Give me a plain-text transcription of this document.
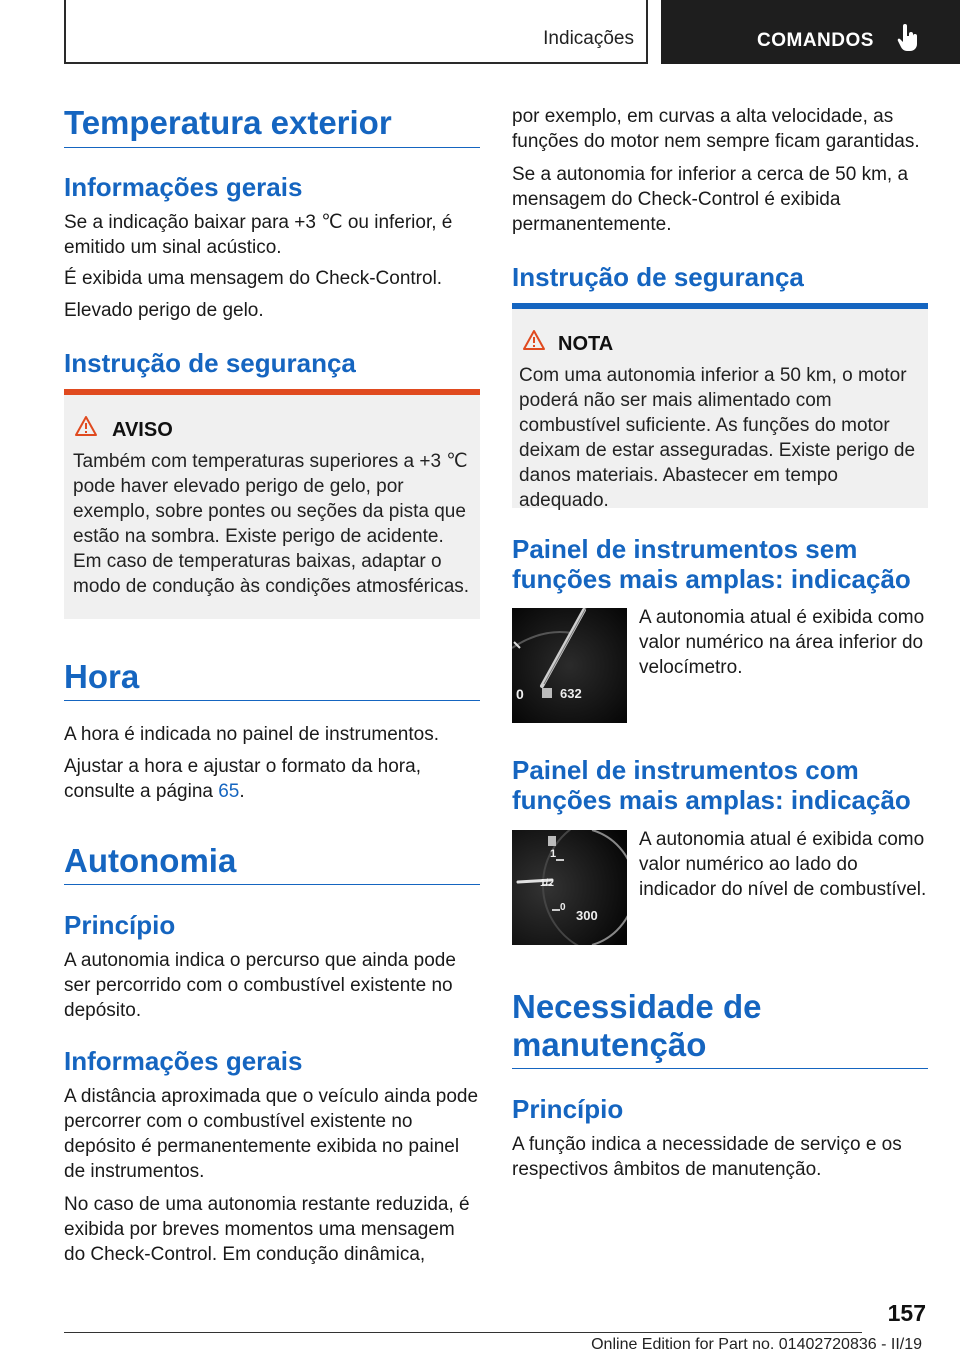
Indicações	COMANDOS
Temperatura exterior
Informações gerais

Se a indicação baixar para +3 ℃ ou inferior, é emitido um sinal acústico.

É exibida uma mensagem do Check-Control.

Elevado perigo de gelo.

Instrução de segurança
AVISO
Também com temperaturas superiores a +3 ℃ pode haver elevado perigo de gelo, por exemplo, sobre pontes ou seções da pista que estão na sombra. Existe perigo de acidente. Em caso de temperaturas baixas, adaptar o modo de condução às condições atmosféricas.
Hora

A hora é indicada no painel de instrumentos.

Ajustar a hora e ajustar o formato da hora, consulte a página 65.

Autonomia
Princípio

A autonomia indica o percurso que ainda pode ser percorrido com o combustível existente no depósito.

Informações gerais

A distância aproximada que o veículo ainda pode percorrer com o combustível existente no depósito é permanentemente exibida no painel de instrumentos.

No caso de uma autonomia restante reduzida, é exibida por breves momentos uma mensagem do Check-Control. Em condução dinâmica,

por exemplo, em curvas a alta velocidade, as funções do motor nem sempre ficam garantidas.

Se a autonomia for inferior a cerca de 50 km, a mensagem do Check-Control é exibida permanentemente.

Instrução de segurança
NOTA
Com uma autonomia inferior a 50 km, o motor poderá não ser mais alimentado com combustível suficiente. As funções do motor deixam de estar asseguradas. Existe perigo de danos materiais. Abastecer em tempo adequado.
Painel de instrumentos sem funções mais amplas: indicação
0	632

A autonomia atual é exibida como valor numérico na área inferior do velocímetro.

Painel de instrumentos com funções mais amplas: indicação
1
1/2
0
300

A autonomia atual é exibida como valor numérico ao lado do indicador do nível de combustível.

Necessidade de manutenção
Princípio

A função indica a necessidade de serviço e os respectivos âmbitos de manutenção.

157
Online Edition for Part no. 01402720836 - II/19
